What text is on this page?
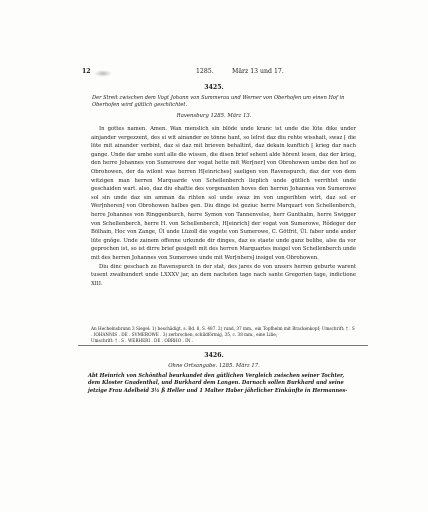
12	1285.	März 13 und 17.
3425.
Der Streit zwischen dem Vogt Johann von Summerau und Werner von Oberhofen um einen Hof in Oberhofen wird gütlich geschlichtet.
Ravensburg 1285. März 13.

In gottes namen. Amen. Wan menslich sin blöde unde kranc ist unde die lüte dike under ainjander vergezzent, des si wit ainander ze tönne hant, so lelrst daz diu rehte wisshait, swaz ⁅ die lüte mit ainander verbint, daz si daz mit brieven behaltint, daz dekain kunftich ⁅ krieg dar nach gange. Unde dar umbe sunt alle die wissen, die disen brief sehent alde hörent lesen, daz der krieg, den herre Johannes von Sumerowe der vogat hette mit Wer⁅ner⁆ von Obrohowen umbe den hof ze Obrohowen, der da wilont was herren H⁅einriches⁆ saeligen von Ravenspurch, daz der von dem witzigen man herren Marquarde von Schellenberch lieplich unde gütlich verrihtet unde geschaiden wart. also, daz diu ehaftie des vorgenanten hoves den herren Johannes von Sumerowe sol sin unde daz sin amman da rihten sol unde swaz im von ungerihten wirt, daz sol er Wer⁅nheren⁆ von Obrohowen halbes gen. Diu dinge ist geziuc herre Marquart von Schellenberch, herre Johannes von Ringgenburch, herre Symon von Tannenvelse, herr Gunthalm, herre Swigger von Schellenberch, herre H. von Schellenberch, H⁅einrich⁆ der vogat von Sumerowe, Rǒdeger der Bölhain, Hoc von Zange, Ül unde Lüzoll die vogete von Sumerowe, C. Götfrit, Ül. faber unde ander lüte gnǒge. Unde zainem offenne urkunde dir dinges, daz es staete unde ganz belibe, alse da vor geprochen ist, so ist dirre brief gesigelt mit des herren Marquartes insigel von Schellenberch unde mit des herren Johannes von Sumerowe unde mit Wer⁅nhers⁆ insigel von Obrohowen.

Diu dinc geschach ze Ravenspurch in der stat, des jares do von unsers herren geburte warent tusent zwaihundert unde LXXXV jar, an dem nachsten tage nach sante Gregorien tage, indictione XIII.

An Hechelnsbrunn 3 Siegel: 1) beschädigt, s. Bd. 8, S. 487. 2) rund, 37 mm., ein Topfhelm mit Brackenkopf; Umschrift: † . S . IOHANNIS . DE . SVMEROWE . 3) zerbrochen, schildförmig, 35, c. 38 mm., eine Lilie;
Umschrift: † . S . WERHERI . DE . OBRHO . IN .
3426.
Ohne Ortsangabe. 1285. März 17.
Abt Heinrich von Schönthal beurkundet den gütlichen Vergleich zwischen seiner Tochter, dem Kloster Gnadenthal, und Burkhard dem Langen. Darnach sollen Burkhard und seine jetzige Frau Adelheid 3½ ß Heller und 1 Malter Haber jährlicher Einkünfte in Hermannes-
